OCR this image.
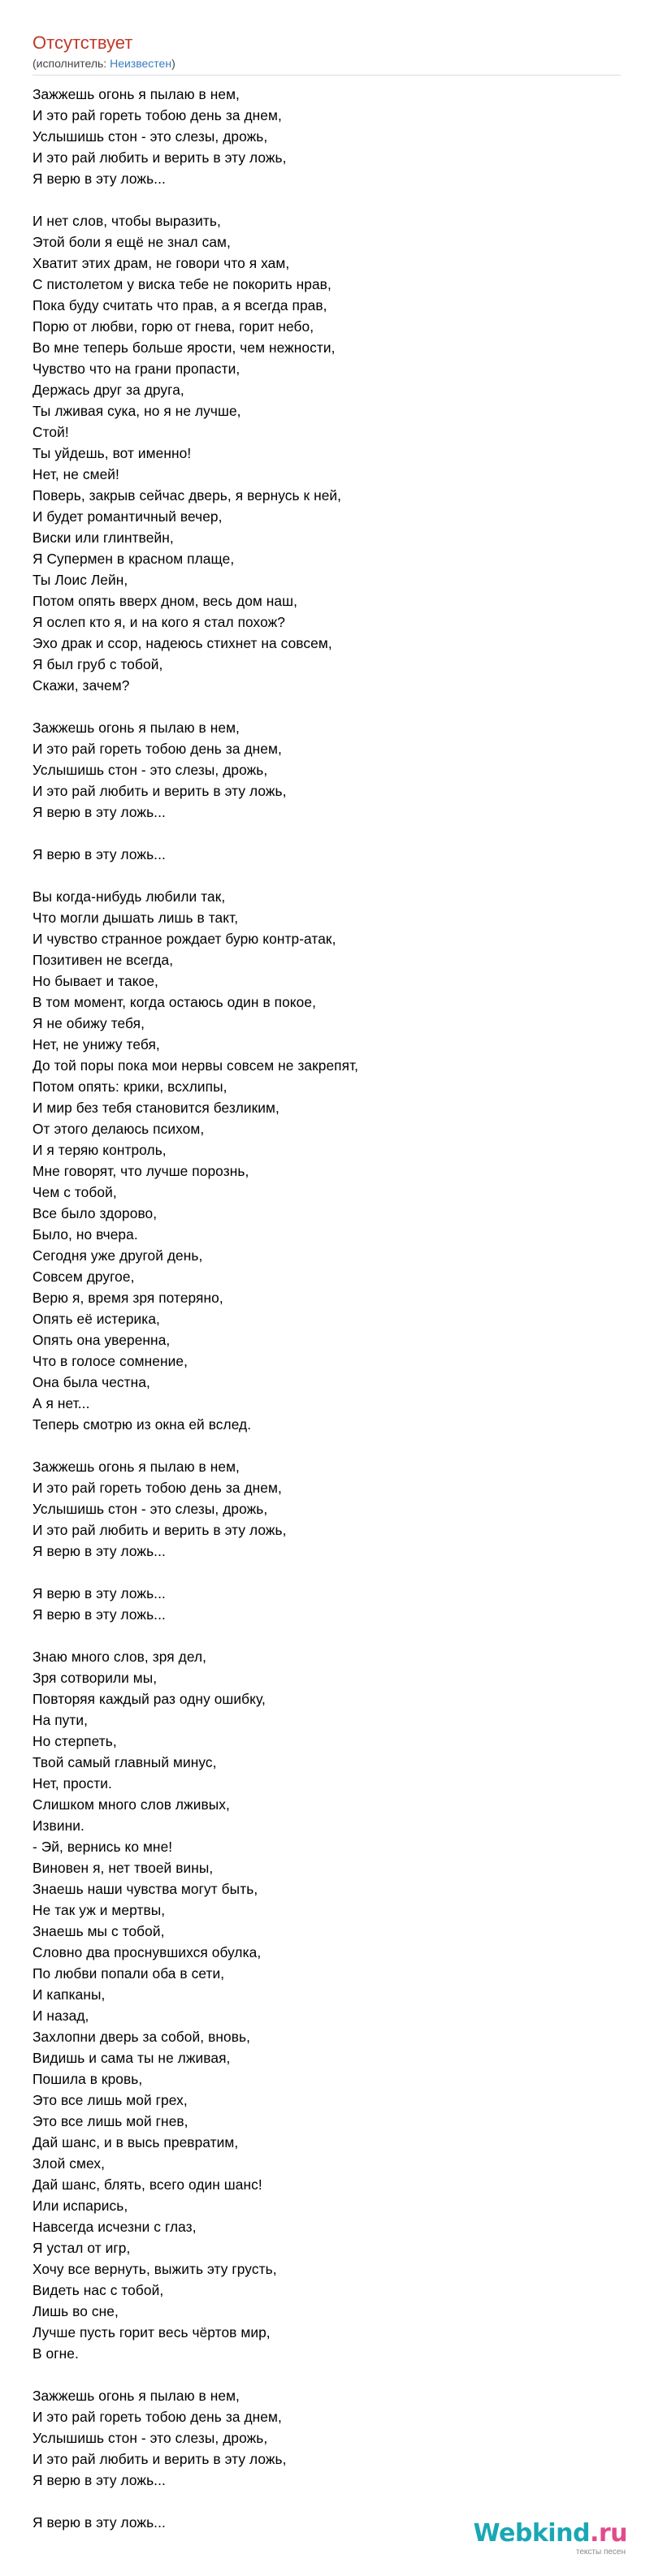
Отсутствует
(исполнитель: Неизвестен)
Зажжешь огонь я пылаю в нем,
И это рай гореть тобою день за днем,
Услышишь стон - это слезы, дрожь,
И это рай любить и верить в эту ложь,
Я верю в эту ложь...

И нет слов, чтобы выразить,
Этой боли я ещё не знал сам,
Хватит этих драм, не говори что я хам,
С пистолетом у виска тебе не покорить нрав,
Пока буду считать что прав, а я всегда прав,
Порю от любви, горю от гнева, горит небо,
Во мне теперь больше ярости, чем нежности,
Чувство что на грани пропасти,
Держась друг за друга,
Ты лживая сука, но я не лучше,
Стой!
Ты уйдешь, вот именно!
Нет, не смей!
Поверь, закрыв сейчас дверь, я вернусь к ней,
И будет романтичный вечер,
Виски или глинтвейн,
Я Супермен в красном плаще,
Ты Лоис Лейн,
Потом опять вверх дном, весь дом наш,
Я ослеп кто я, и на кого я стал похож?
Эхо драк и ссор, надеюсь стихнет на совсем,
Я был груб с тобой,
Скажи, зачем?

Зажжешь огонь я пылаю в нем,
И это рай гореть тобою день за днем,
Услышишь стон - это слезы, дрожь,
И это рай любить и верить в эту ложь,
Я верю в эту ложь...

Я верю в эту ложь...

Вы когда-нибудь любили так,
Что могли дышать лишь в такт,
И чувство странное рождает бурю контр-атак,
Позитивен не всегда,
Но бывает и такое,
В том момент, когда остаюсь один в покое,
Я не обижу тебя,
Нет, не унижу тебя,
До той поры пока мои нервы совсем не закрепят,
Потом опять: крики, всхлипы,
И мир без тебя становится безликим,
От этого делаюсь психом,
И я теряю контроль,
Мне говорят, что лучше порознь,
Чем с тобой,
Все было здорово,
Было, но вчера.
Сегодня уже другой день,
Совсем другое,
Верю я, время зря потеряно,
Опять её истерика,
Опять она уверенна,
Что в голосе сомнение,
Она была честна,
А я нет...
Теперь смотрю из окна ей вслед.

Зажжешь огонь я пылаю в нем,
И это рай гореть тобою день за днем,
Услышишь стон - это слезы, дрожь,
И это рай любить и верить в эту ложь,
Я верю в эту ложь...

Я верю в эту ложь...
Я верю в эту ложь...

Знаю много слов, зря дел,
Зря сотворили мы,
Повторяя каждый раз одну ошибку,
На пути,
Но стерпеть,
Твой самый главный минус,
Нет, прости.
Слишком много слов лживых,
Извини.
- Эй, вернись ко мне!
Виновен я, нет твоей вины,
Знаешь наши чувства могут быть,
Не так уж и мертвы,
Знаешь мы с тобой,
Словно два проснувшихся обулка,
По любви попали оба в сети,
И капканы,
И назад,
Захлопни дверь за собой, вновь,
Видишь и сама ты не лживая,
Пошила в кровь,
Это все лишь мой грех,
Это все лишь мой гнев,
Дай шанс, и в высь превратим,
Злой смех,
Дай шанс, блять, всего один шанс!
Или испарись,
Навсегда исчезни с глаз,
Я устал от игр,
Хочу все вернуть, выжить эту грусть,
Видеть нас с тобой,
Лишь во сне,
Лучше пусть горит весь чёртов мир,
В огне.

Зажжешь огонь я пылаю в нем,
И это рай гореть тобою день за днем,
Услышишь стон - это слезы, дрожь,
И это рай любить и верить в эту ложь,
Я верю в эту ложь...

Я верю в эту ложь...	Webkind.ru
тексты песен
